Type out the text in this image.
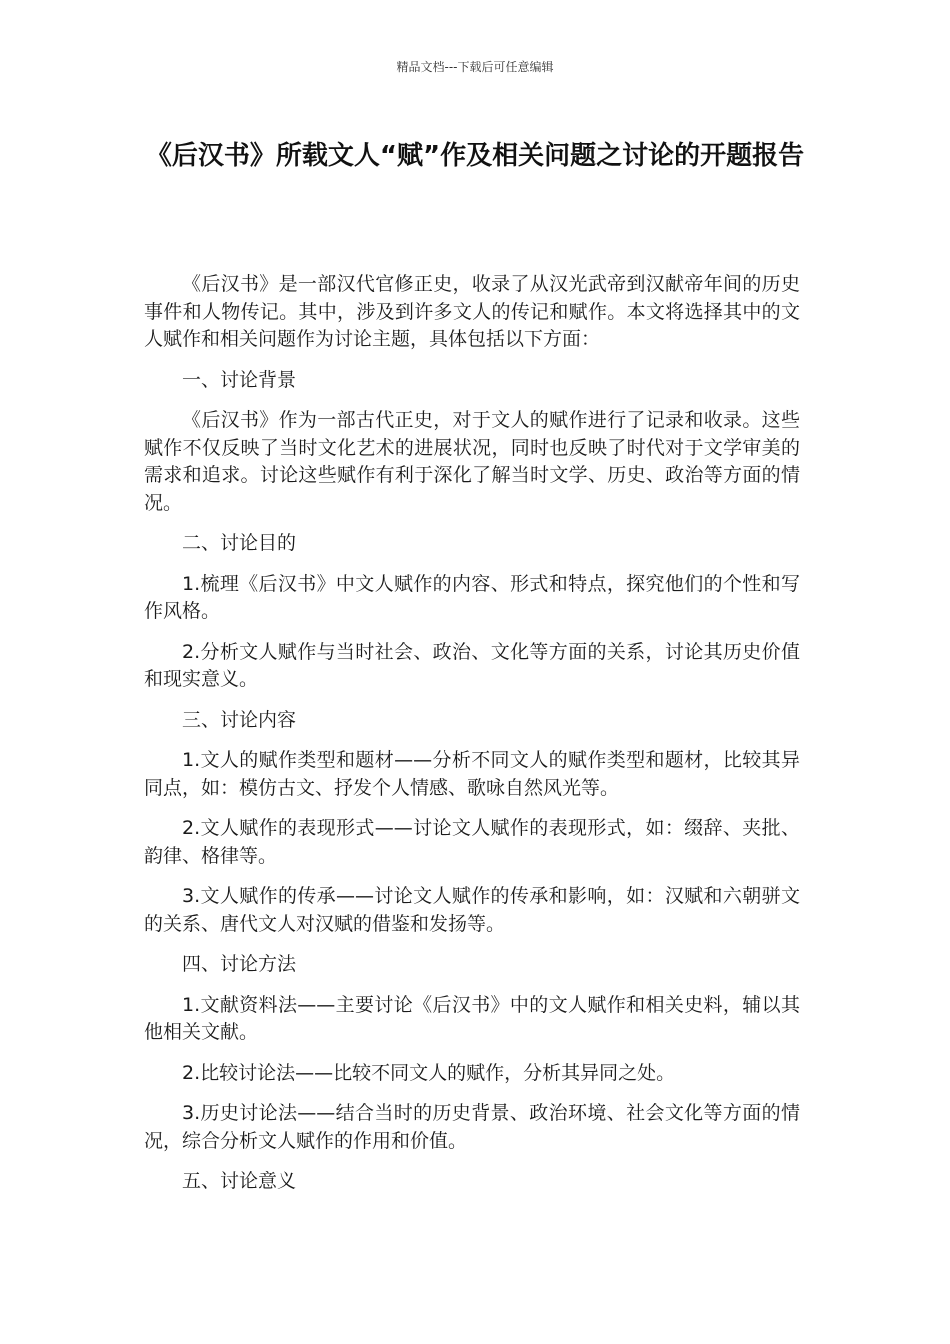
精品文档---下载后可任意编辑
《后汉书》所载文人“赋”作及相关问题之讨论的开题报告

《后汉书》是一部汉代官修正史，收录了从汉光武帝到汉献帝年间的历史事件和人物传记。其中，涉及到许多文人的传记和赋作。本文将选择其中的文人赋作和相关问题作为讨论主题，具体包括以下方面：

一、讨论背景

《后汉书》作为一部古代正史，对于文人的赋作进行了记录和收录。这些赋作不仅反映了当时文化艺术的进展状况，同时也反映了时代对于文学审美的需求和追求。讨论这些赋作有利于深化了解当时文学、历史、政治等方面的情况。

二、讨论目的

1.梳理《后汉书》中文人赋作的内容、形式和特点，探究他们的个性和写作风格。

2.分析文人赋作与当时社会、政治、文化等方面的关系，讨论其历史价值和现实意义。

三、讨论内容

1.文人的赋作类型和题材——分析不同文人的赋作类型和题材，比较其异同点，如：模仿古文、抒发个人情感、歌咏自然风光等。

2.文人赋作的表现形式——讨论文人赋作的表现形式，如：缀辞、夹批、韵律、格律等。

3.文人赋作的传承——讨论文人赋作的传承和影响，如：汉赋和六朝骈文的关系、唐代文人对汉赋的借鉴和发扬等。

四、讨论方法

1.文献资料法——主要讨论《后汉书》中的文人赋作和相关史料，辅以其他相关文献。

2.比较讨论法——比较不同文人的赋作，分析其异同之处。

3.历史讨论法——结合当时的历史背景、政治环境、社会文化等方面的情况，综合分析文人赋作的作用和价值。

五、讨论意义
